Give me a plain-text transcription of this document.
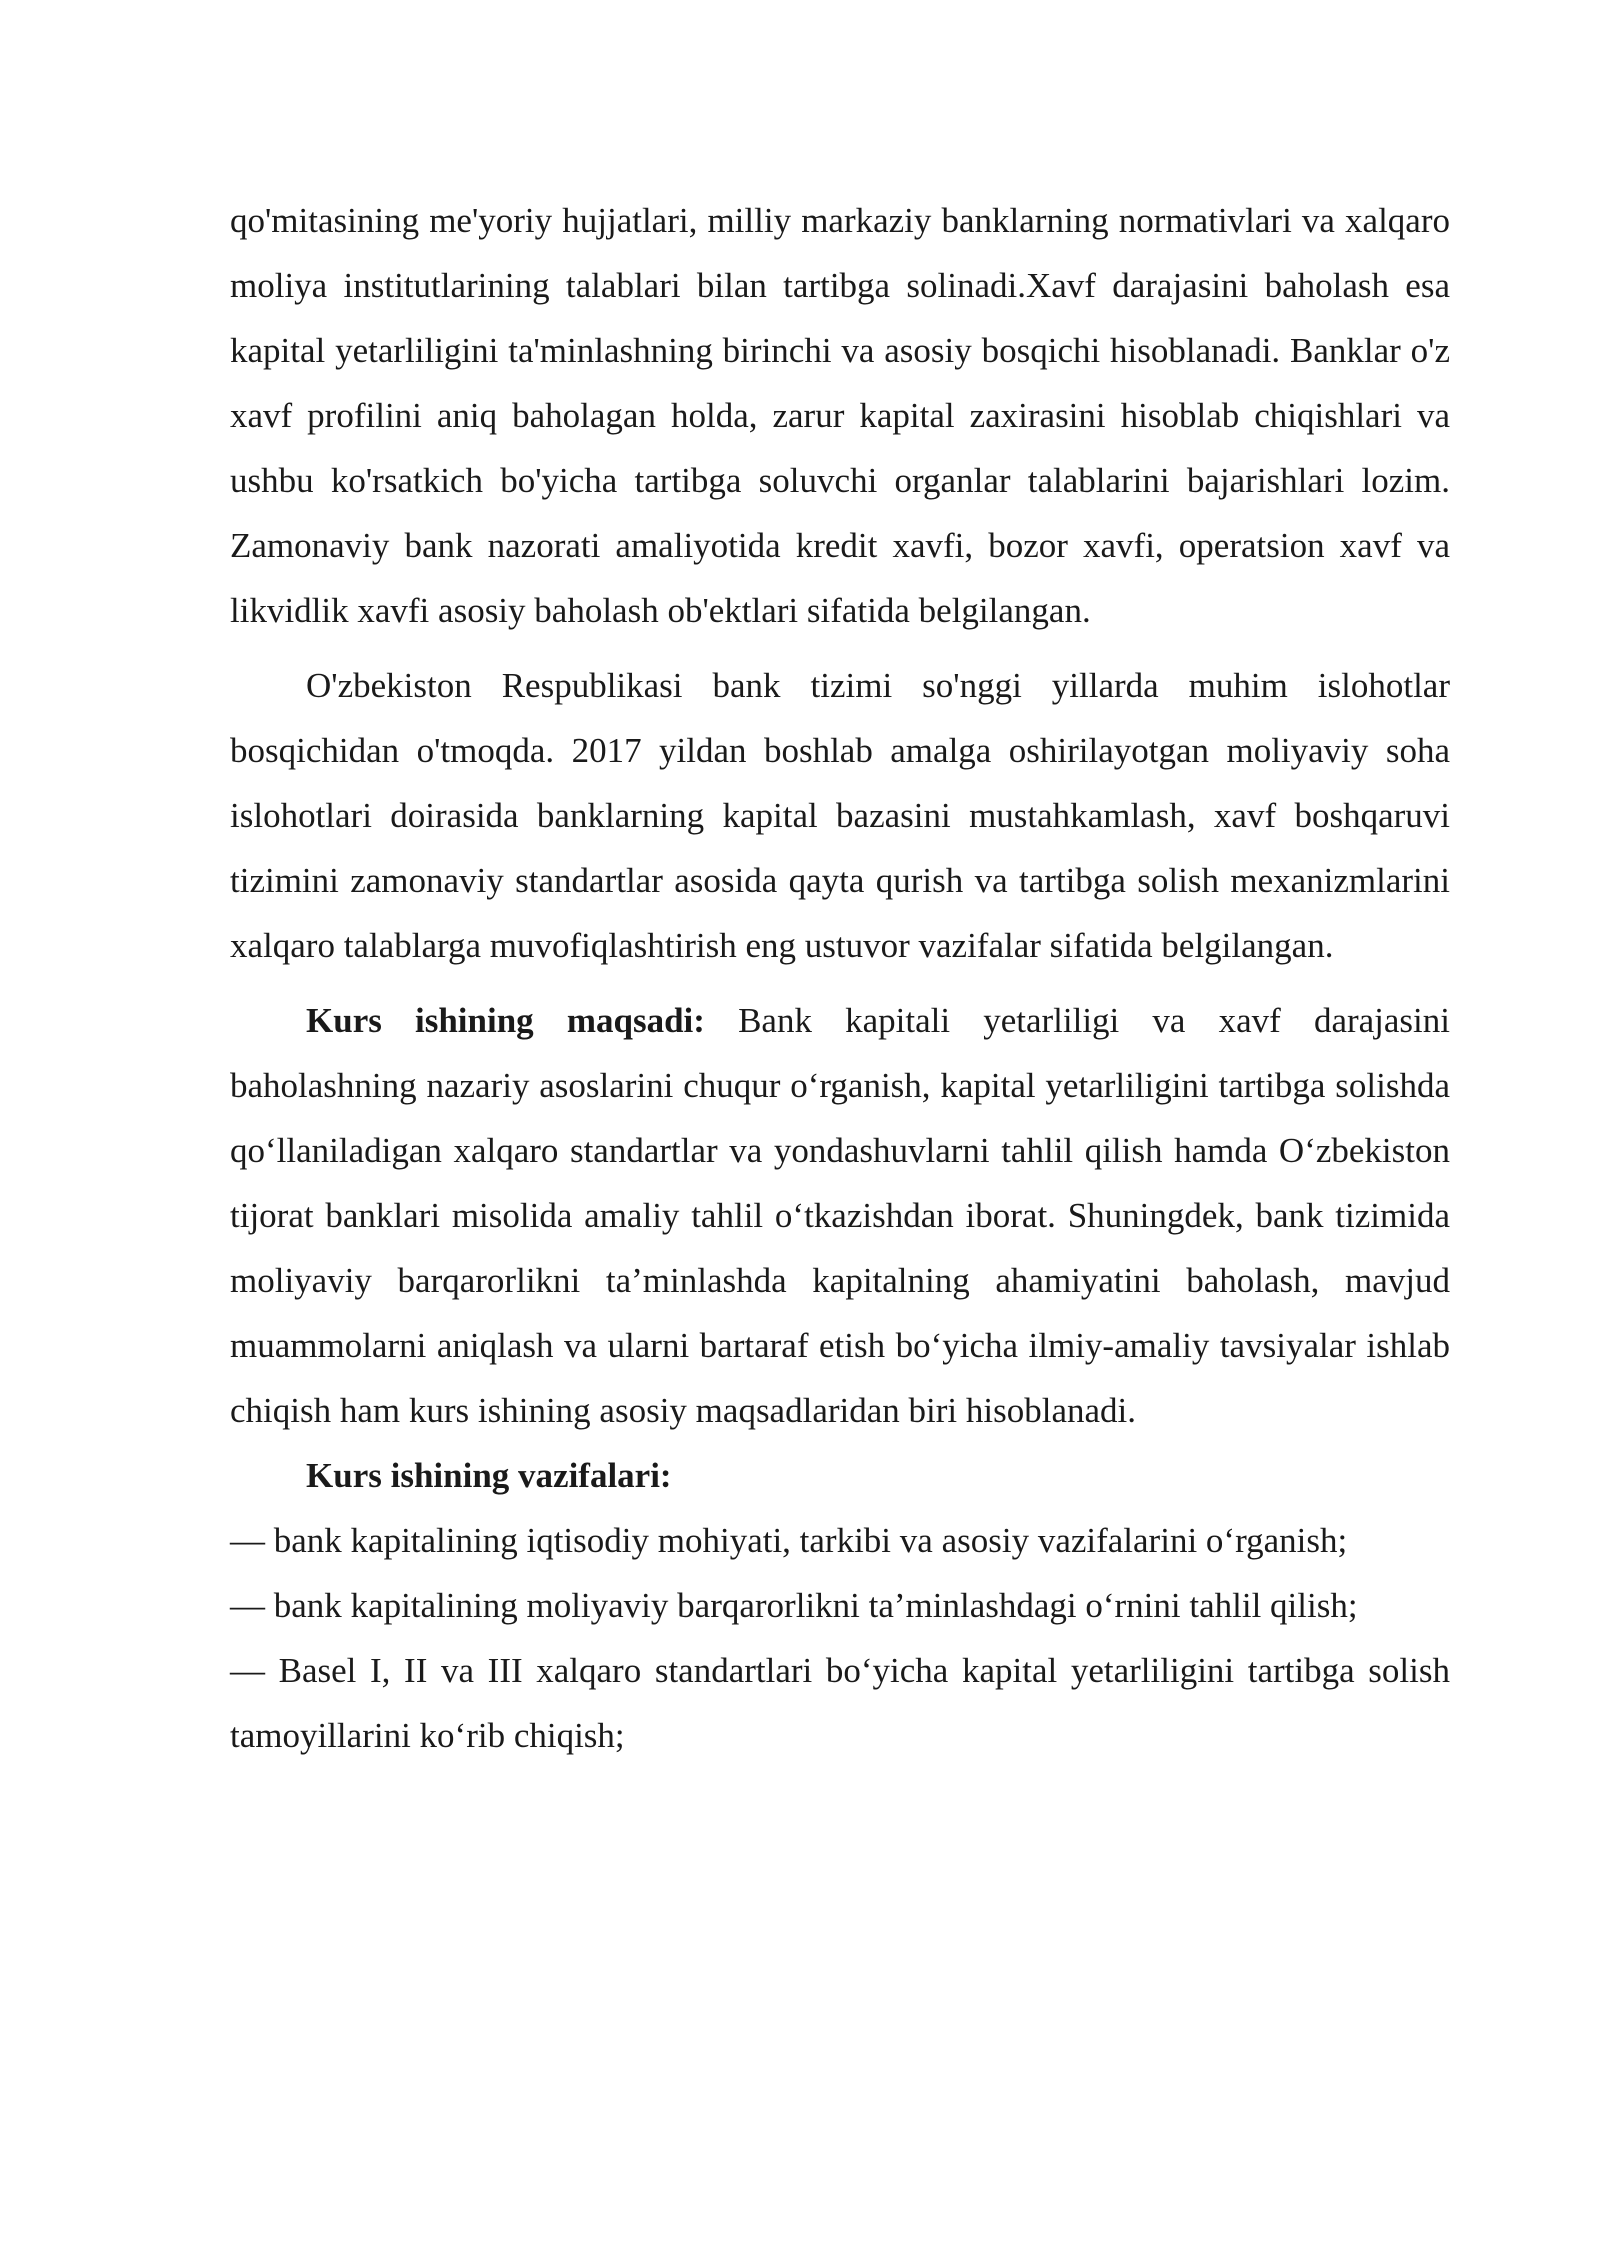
qo'mitasining me'yoriy hujjatlari, milliy markaziy banklarning normativlari va xalqaro moliya institutlarining talablari bilan tartibga solinadi.Xavf darajasini baholash esa kapital yetarliligini ta'minlashning birinchi va asosiy bosqichi hisoblanadi. Banklar o'z xavf profilini aniq baholagan holda, zarur kapital zaxirasini hisoblab chiqishlari va ushbu ko'rsatkich bo'yicha tartibga soluvchi organlar talablarini bajarishlari lozim. Zamonaviy bank nazorati amaliyotida kredit xavfi, bozor xavfi, operatsion xavf va likvidlik xavfi asosiy baholash ob'ektlari sifatida belgilangan.

O'zbekiston Respublikasi bank tizimi so'nggi yillarda muhim islohotlar bosqichidan o'tmoqda. 2017 yildan boshlab amalga oshirilayotgan moliyaviy soha islohotlari doirasida banklarning kapital bazasini mustahkamlash, xavf boshqaruvi tizimini zamonaviy standartlar asosida qayta qurish va tartibga solish mexanizmlarini xalqaro talablarga muvofiqlashtirish eng ustuvor vazifalar sifatida belgilangan.

Kurs ishining maqsadi: Bank kapitali yetarliligi va xavf darajasini baholashning nazariy asoslarini chuqur o‘rganish, kapital yetarliligini tartibga solishda qo‘llaniladigan xalqaro standartlar va yondashuvlarni tahlil qilish hamda O‘zbekiston tijorat banklari misolida amaliy tahlil o‘tkazishdan iborat. Shuningdek, bank tizimida moliyaviy barqarorlikni ta’minlashda kapitalning ahamiyatini baholash, mavjud muammolarni aniqlash va ularni bartaraf etish bo‘yicha ilmiy-amaliy tavsiyalar ishlab chiqish ham kurs ishining asosiy maqsadlaridan biri hisoblanadi.

Kurs ishining vazifalari:

— bank kapitalining iqtisodiy mohiyati, tarkibi va asosiy vazifalarini o‘rganish;

— bank kapitalining moliyaviy barqarorlikni ta’minlashdagi o‘rnini tahlil qilish;

— Basel I, II va III xalqaro standartlari bo‘yicha kapital yetarliligini tartibga solish tamoyillarini ko‘rib chiqish;
